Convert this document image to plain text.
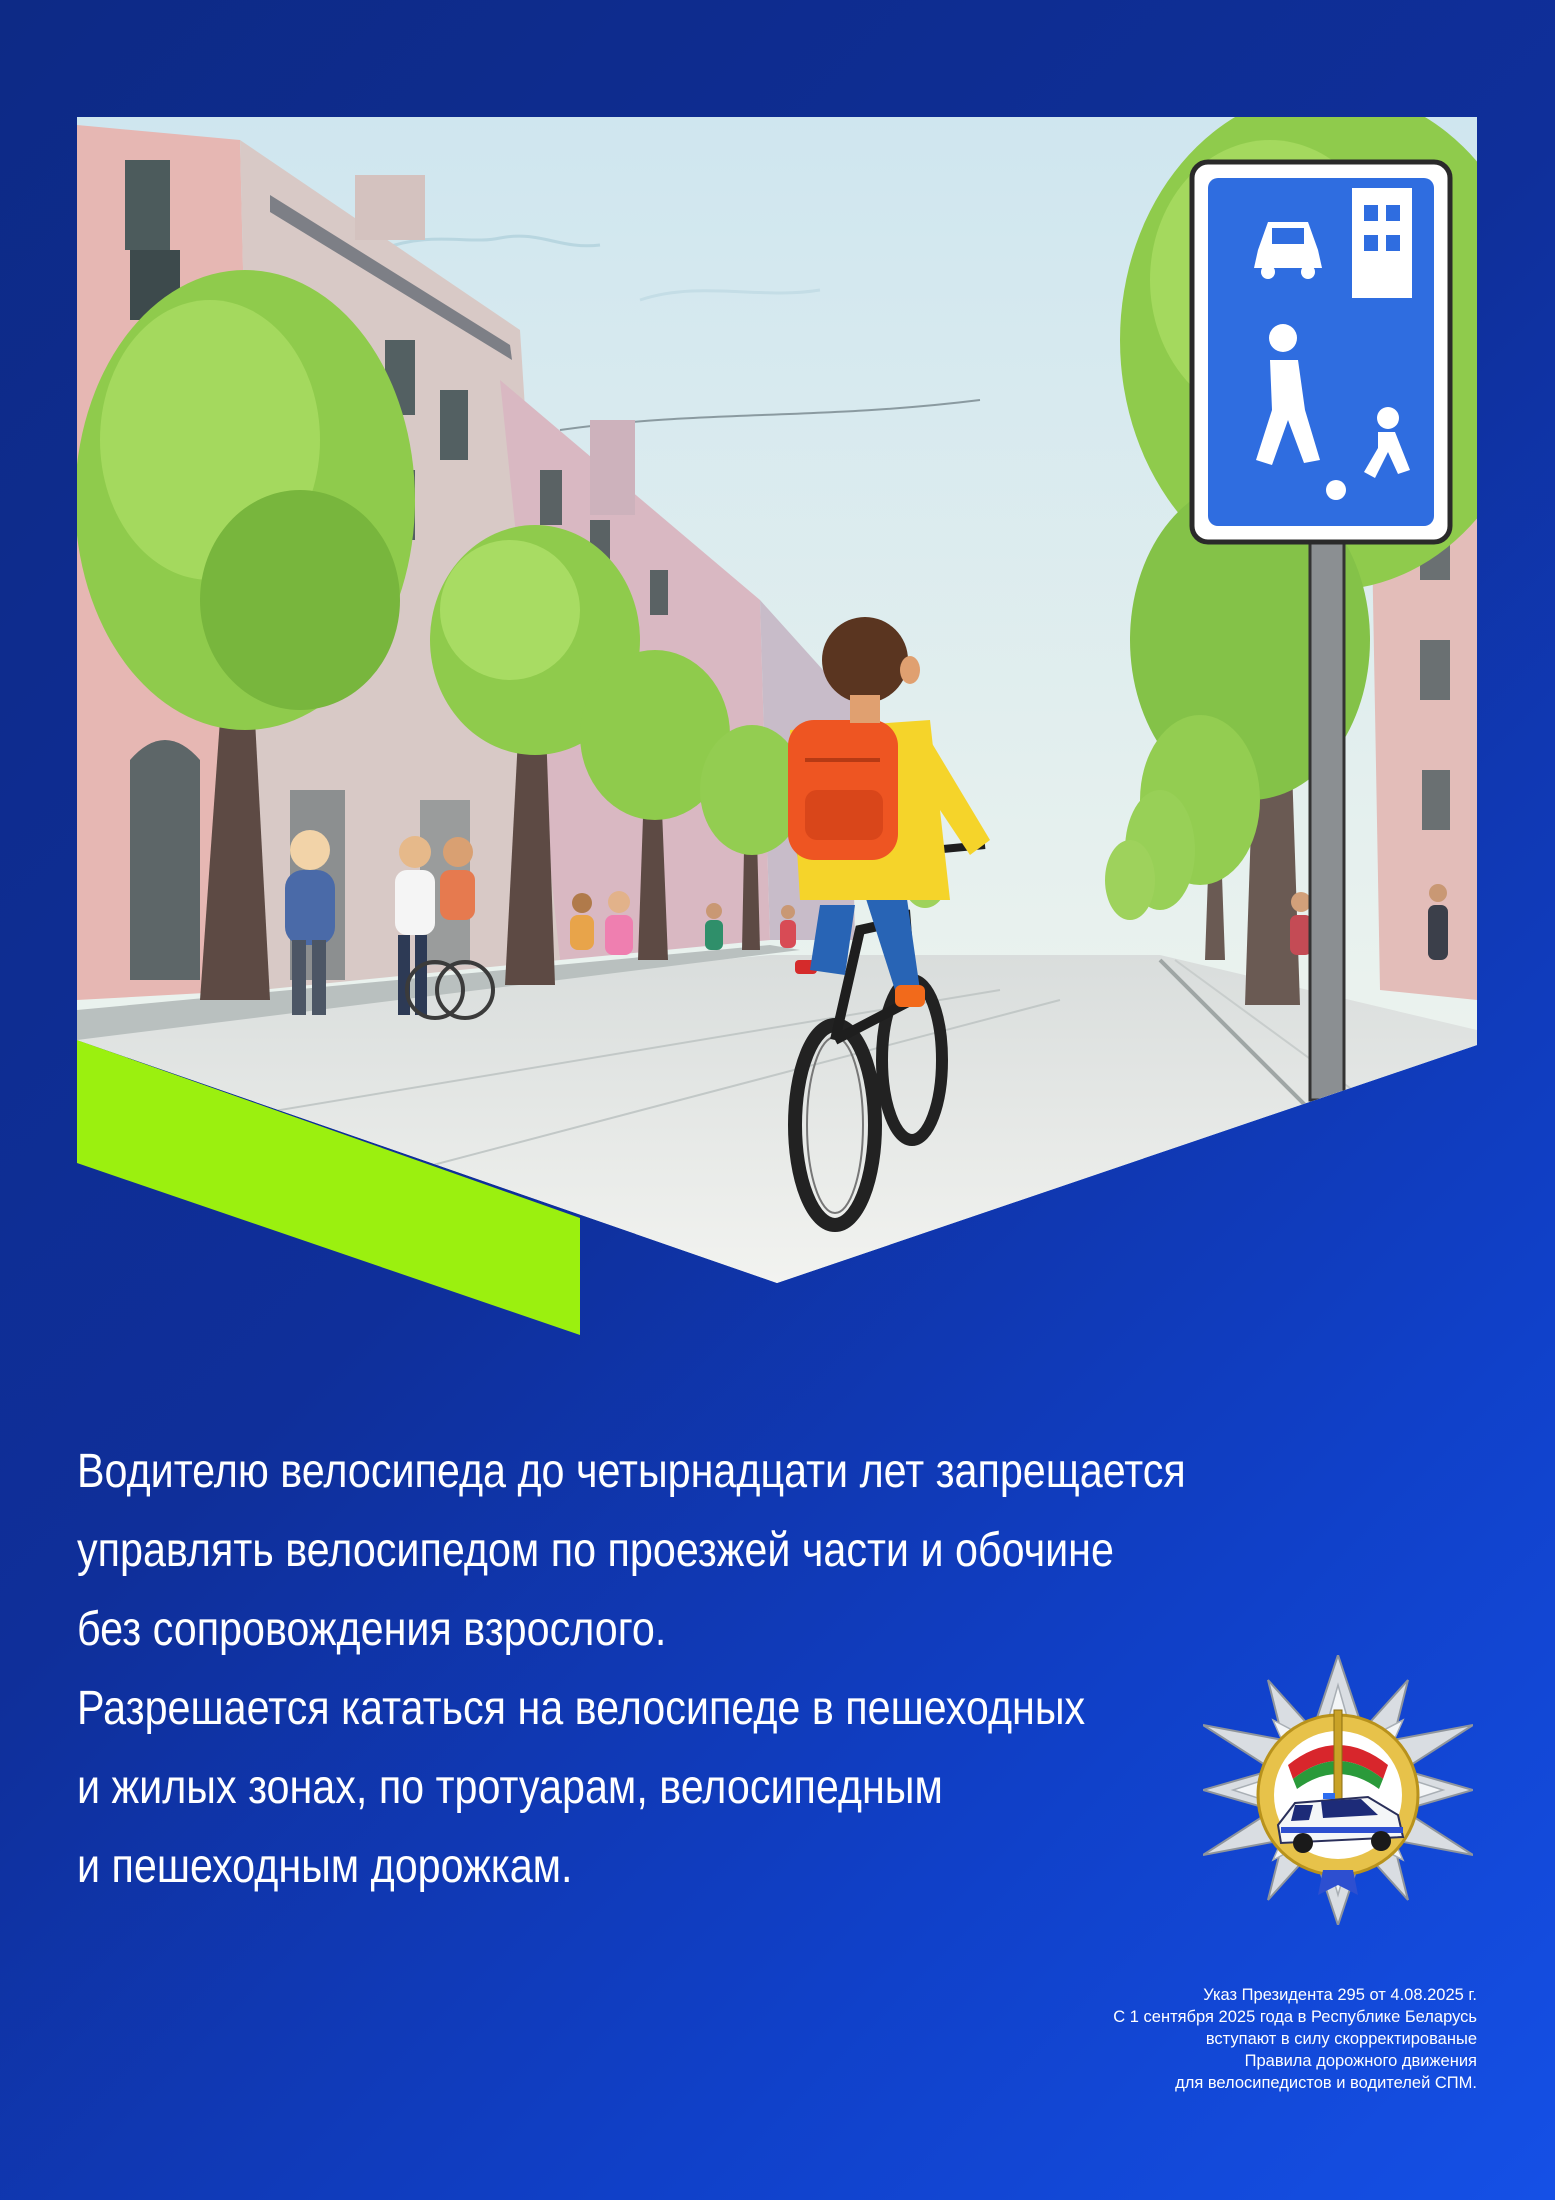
Водителю велосипеда до четырнадцати лет запрещается
управлять велосипедом по проезжей части и обочине
без сопровождения взрослого.
Разрешается кататься на велосипеде в пешеходных
и жилых зонах, по тротуарам, велосипедным
и пешеходным дорожкам.
Указ Президента 295 от 4.08.2025 г.
С 1 сентября 2025 года в Республике Беларусь
вступают в силу скорректированые
Правила дорожного движения
для велосипедистов и водителей СПМ.
